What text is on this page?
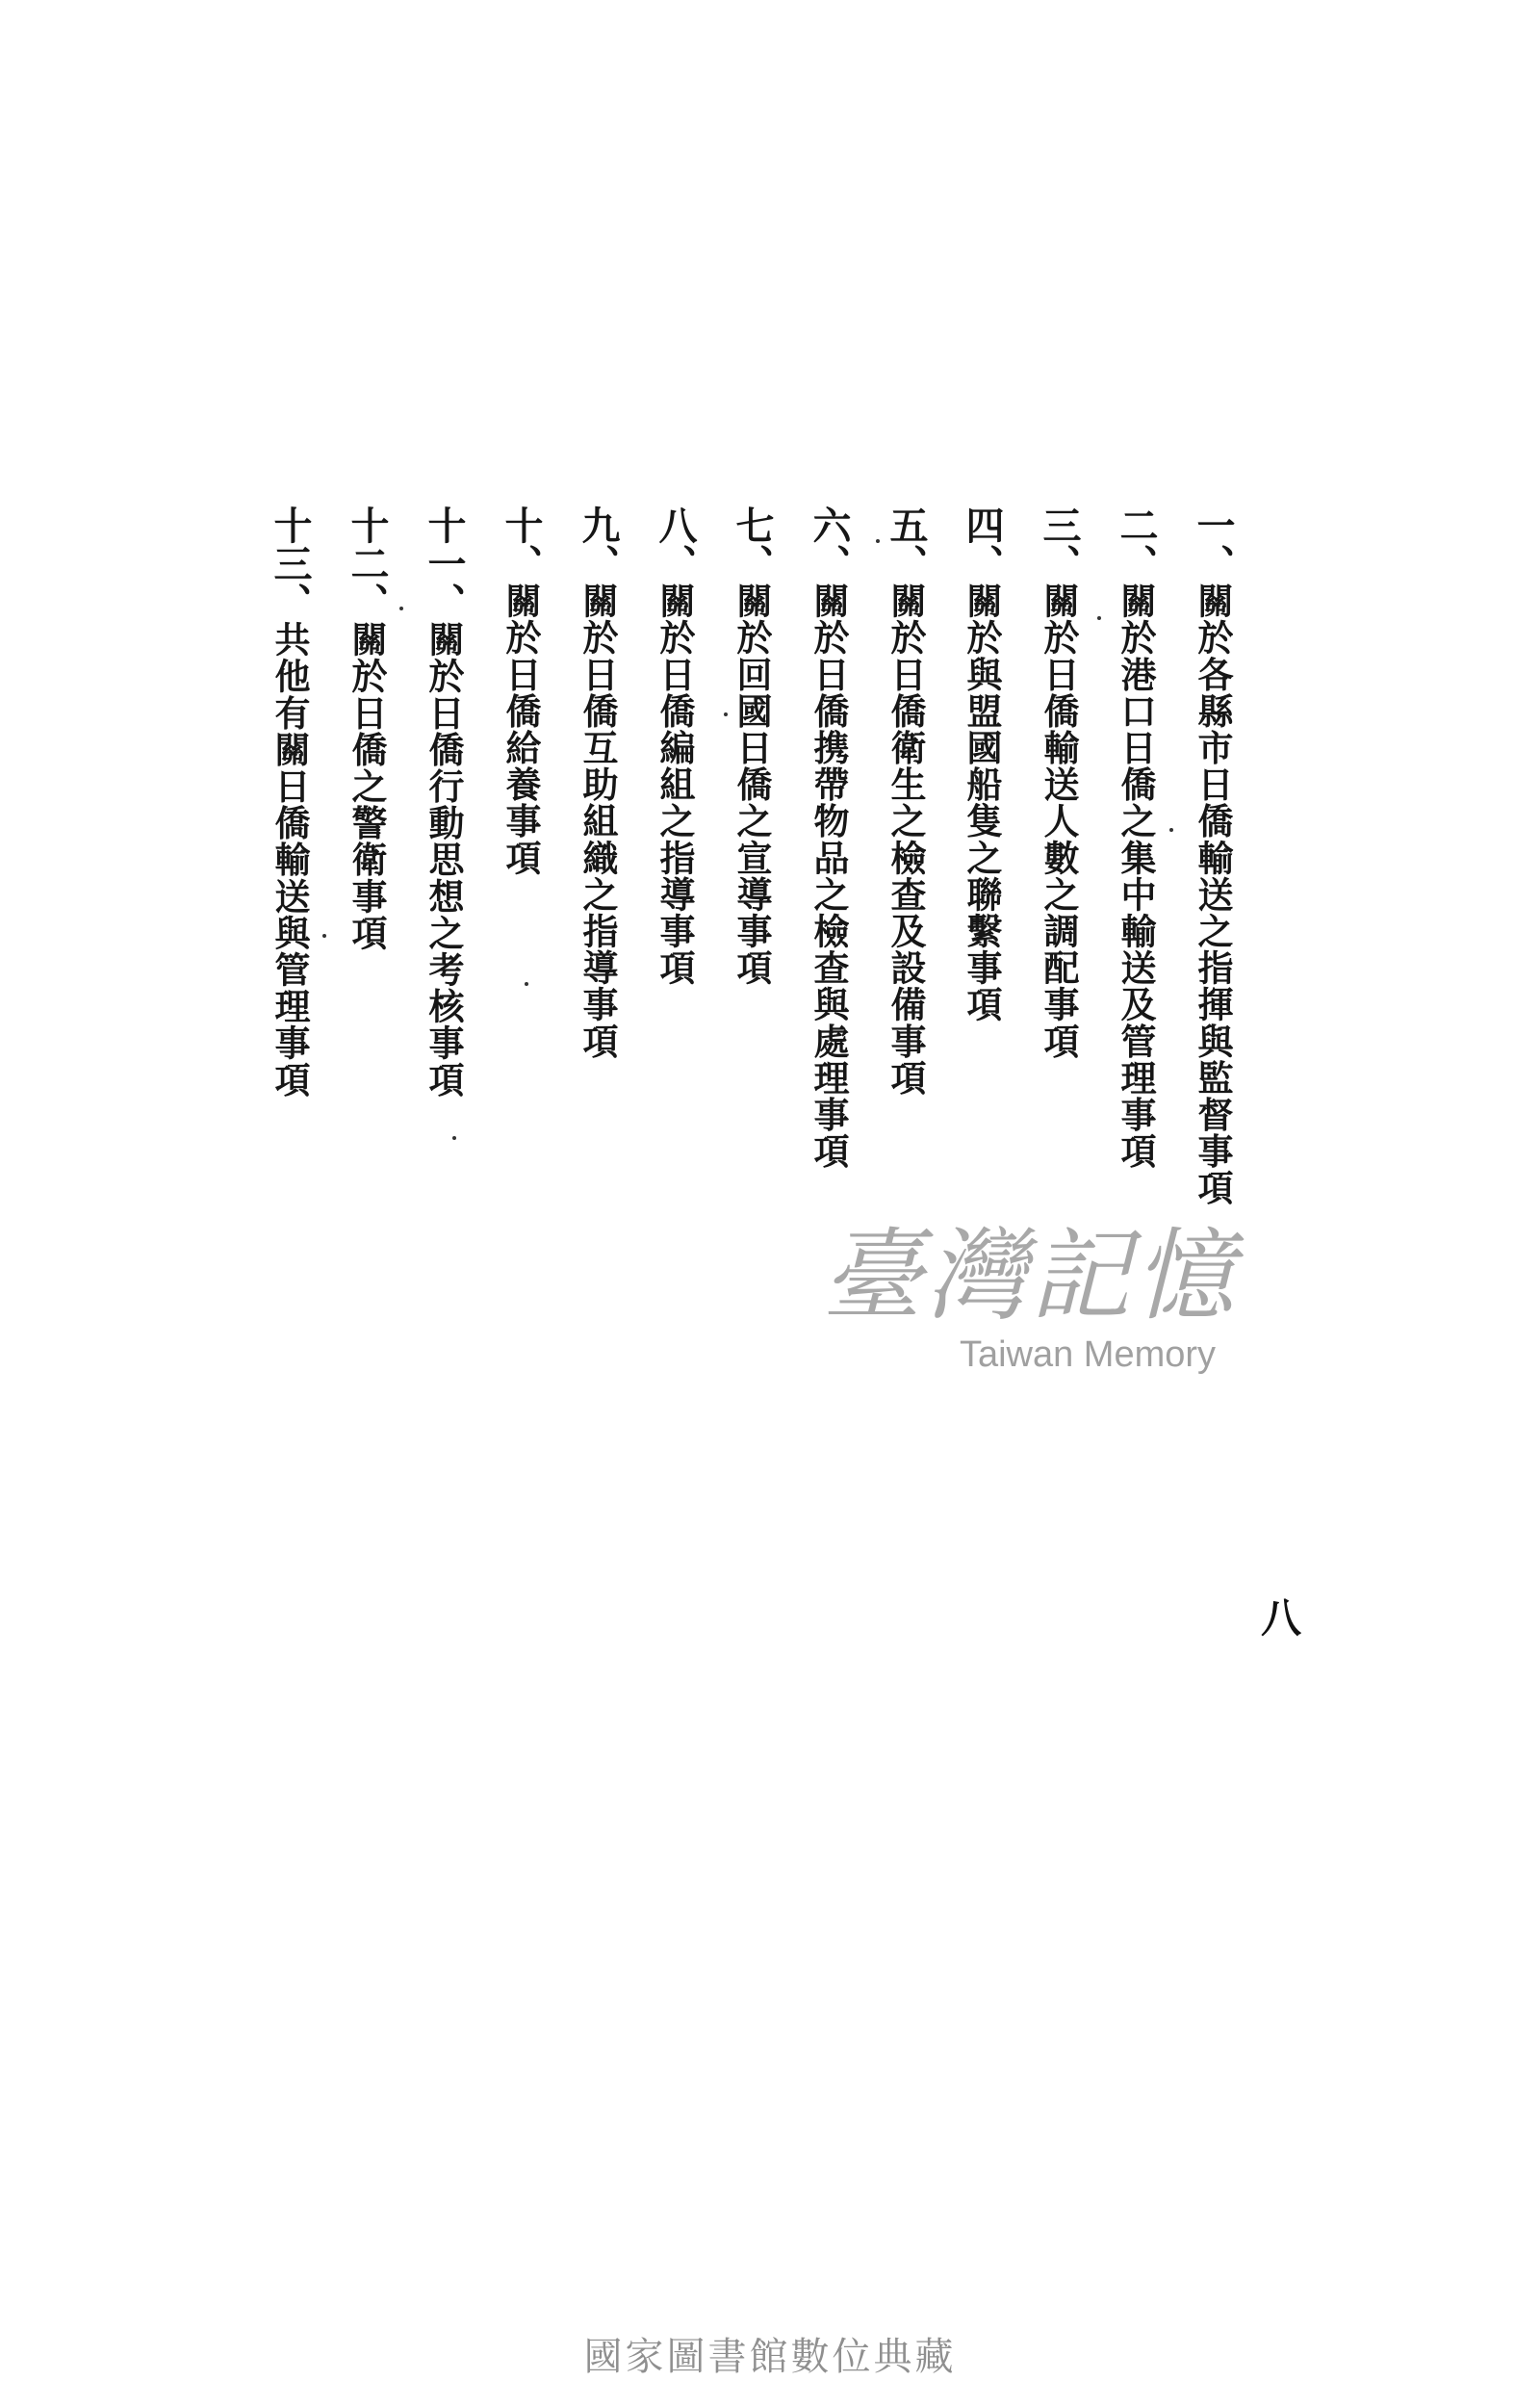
一、
關於各縣市日僑輸送之指揮與監督事項
二、
關於港口日僑之集中輸送及管理事項
三、
關於日僑輸送人數之調配事項
四、
關於與盟國船隻之聯繫事項
五、
關於日僑衛生之檢查及設備事項
六、
關於日僑携帶物品之檢查與處理事項
七、
關於回國日僑之宣導事項
八、
關於日僑編組之指導事項
九、
關於日僑互助組織之指導事項
十、
關於日僑給養事項
十一、
關於日僑行動思想之考核事項
十二、
關於日僑之警衛事項
十三、
共他有關日僑輸送與管理事項
臺灣記憶
Taiwan Memory
八
國家圖書館數位典藏
